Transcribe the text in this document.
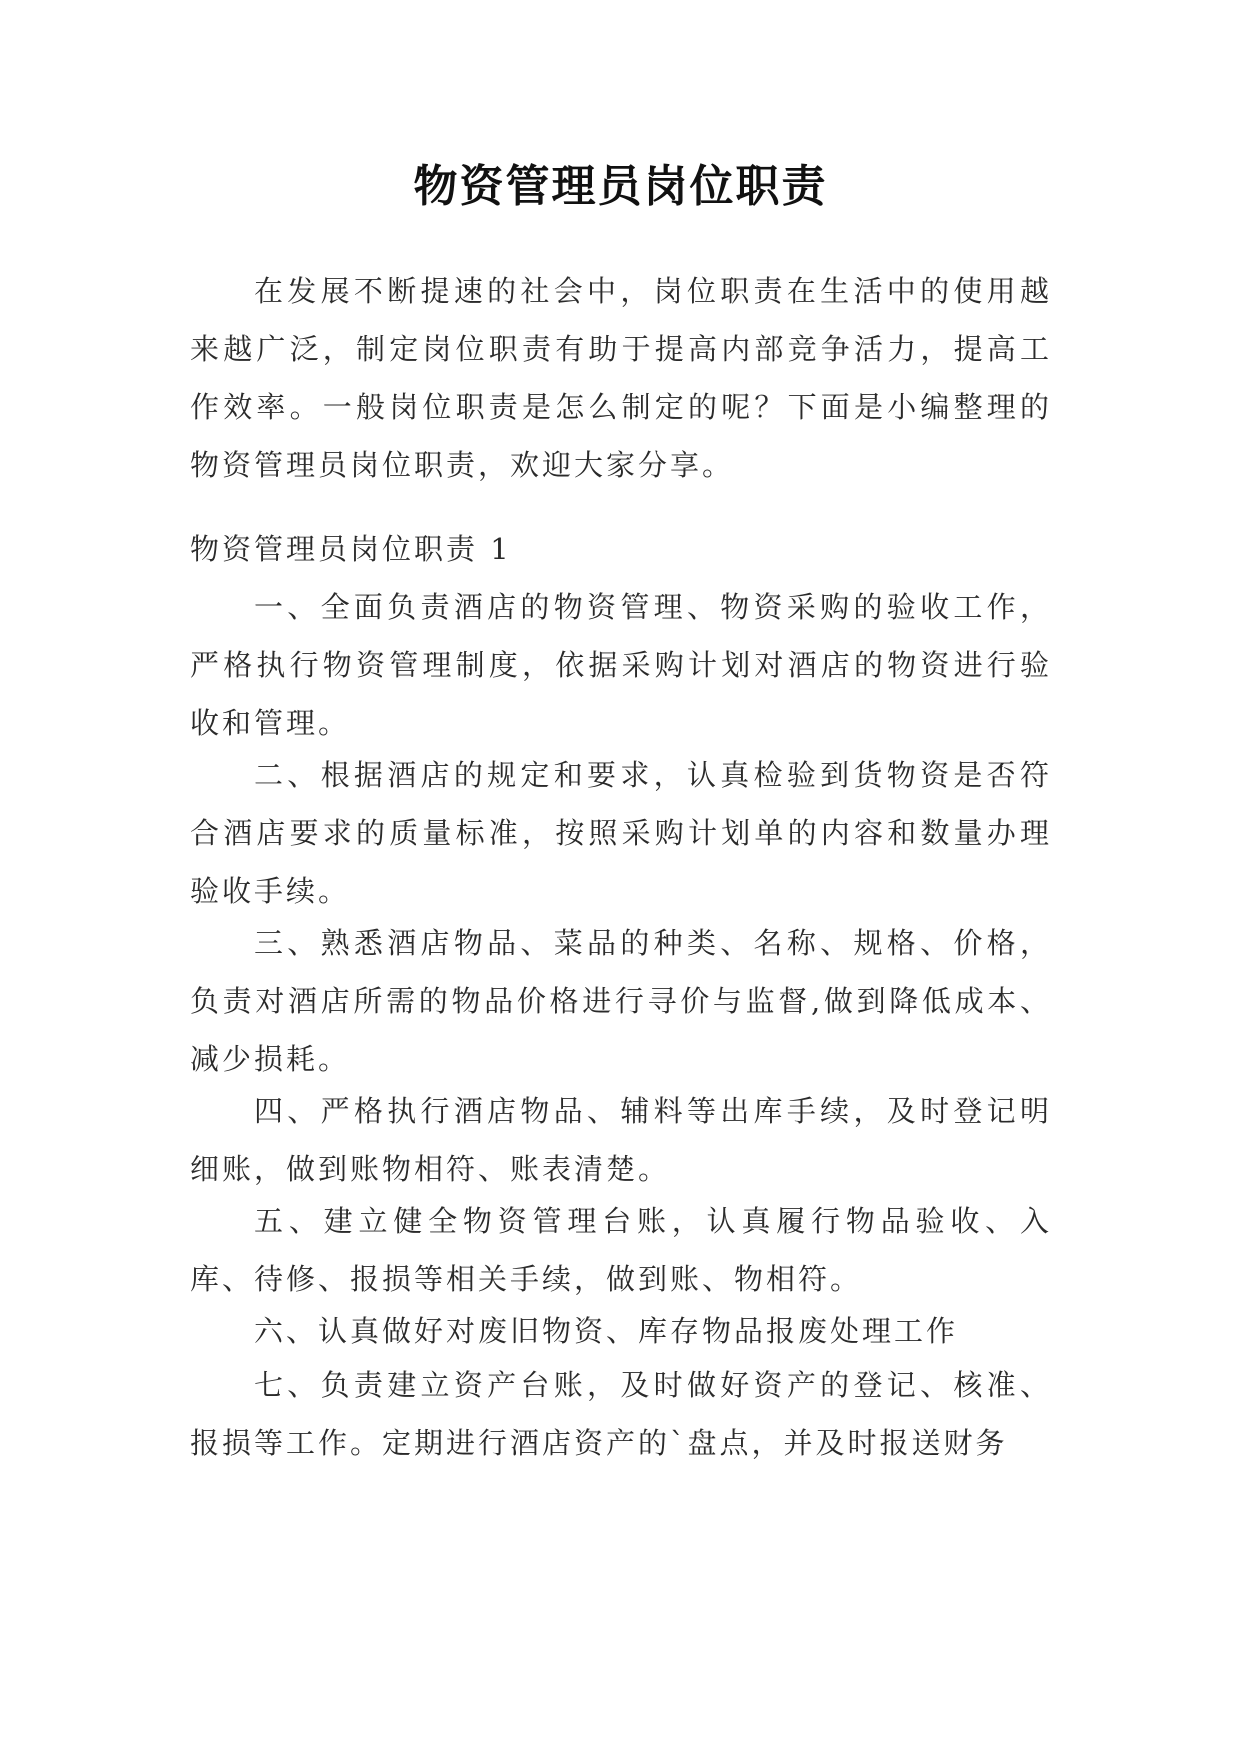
物资管理员岗位职责

在发展不断提速的社会中，岗位职责在生活中的使用越来越广泛，制定岗位职责有助于提高内部竞争活力，提高工作效率。一般岗位职责是怎么制定的呢？下面是小编整理的物资管理员岗位职责，欢迎大家分享。

物资管理员岗位职责 1

一、全面负责酒店的物资管理、物资采购的验收工作，严格执行物资管理制度，依据采购计划对酒店的物资进行验收和管理。

二、根据酒店的规定和要求，认真检验到货物资是否符合酒店要求的质量标准，按照采购计划单的内容和数量办理验收手续。

三、熟悉酒店物品、菜品的种类、名称、规格、价格，负责对酒店所需的物品价格进行寻价与监督,做到降低成本、减少损耗。

四、严格执行酒店物品、辅料等出库手续，及时登记明细账，做到账物相符、账表清楚。

五、建立健全物资管理台账，认真履行物品验收、入库、待修、报损等相关手续，做到账、物相符。

六、认真做好对废旧物资、库存物品报废处理工作

七、负责建立资产台账，及时做好资产的登记、核准、报损等工作。定期进行酒店资产的`盘点，并及时报送财务
